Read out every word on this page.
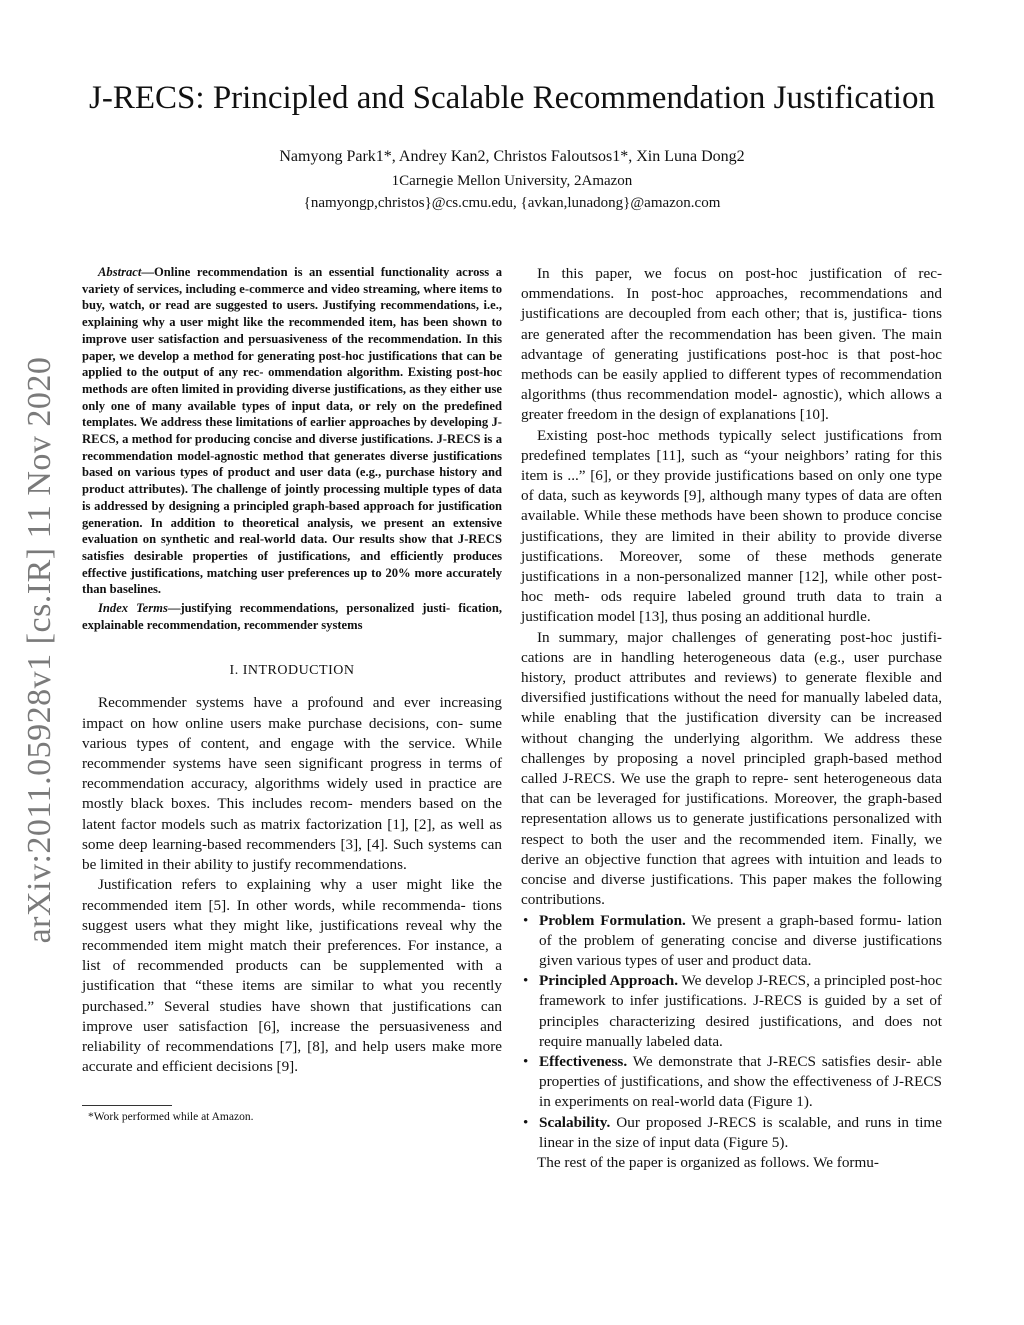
arXiv:2011.05928v1 [cs.IR] 11 Nov 2020
J-RECS: Principled and Scalable Recommendation Justification
Namyong Park1*, Andrey Kan2, Christos Faloutsos1*, Xin Luna Dong2
1Carnegie Mellon University, 2Amazon
{namyongp,christos}@cs.cmu.edu, {avkan,lunadong}@amazon.com

Abstract—Online recommendation is an essential functionality across a variety of services, including e-commerce and video streaming, where items to buy, watch, or read are suggested to users. Justifying recommendations, i.e., explaining why a user might like the recommended item, has been shown to improve user satisfaction and persuasiveness of the recommendation. In this paper, we develop a method for generating post-hoc justifications that can be applied to the output of any rec- ommendation algorithm. Existing post-hoc methods are often limited in providing diverse justifications, as they either use only one of many available types of input data, or rely on the predefined templates. We address these limitations of earlier approaches by developing J-RECS, a method for producing concise and diverse justifications. J-RECS is a recommendation model-agnostic method that generates diverse justifications based on various types of product and user data (e.g., purchase history and product attributes). The challenge of jointly processing multiple types of data is addressed by designing a principled graph-based approach for justification generation. In addition to theoretical analysis, we present an extensive evaluation on synthetic and real-world data. Our results show that J-RECS satisfies desirable properties of justifications, and efficiently produces effective justifications, matching user preferences up to 20% more accurately than baselines.

Index Terms—justifying recommendations, personalized justi- fication, explainable recommendation, recommender systems

I. INTRODUCTION

Recommender systems have a profound and ever increasing impact on how online users make purchase decisions, con- sume various types of content, and engage with the service. While recommender systems have seen significant progress in terms of recommendation accuracy, algorithms widely used in practice are mostly black boxes. This includes recom- menders based on the latent factor models such as matrix factorization [1], [2], as well as some deep learning-based recommenders [3], [4]. Such systems can be limited in their ability to justify recommendations.

Justification refers to explaining why a user might like the recommended item [5]. In other words, while recommenda- tions suggest users what they might like, justifications reveal why the recommended item might match their preferences. For instance, a list of recommended products can be supplemented with a justification that “these items are similar to what you recently purchased.” Several studies have shown that justifications can improve user satisfaction [6], increase the persuasiveness and reliability of recommendations [7], [8], and help users make more accurate and efficient decisions [9].

*Work performed while at Amazon.

In this paper, we focus on post-hoc justification of rec- ommendations. In post-hoc approaches, recommendations and justifications are decoupled from each other; that is, justifica- tions are generated after the recommendation has been given. The main advantage of generating justifications post-hoc is that post-hoc methods can be easily applied to different types of recommendation algorithms (thus recommendation model- agnostic), which allows a greater freedom in the design of explanations [10].

Existing post-hoc methods typically select justifications from predefined templates [11], such as “your neighbors’ rating for this item is ...” [6], or they provide justifications based on only one type of data, such as keywords [9], although many types of data are often available. While these methods have been shown to produce concise justifications, they are limited in their ability to provide diverse justifications. Moreover, some of these methods generate justifications in a non-personalized manner [12], while other post-hoc meth- ods require labeled ground truth data to train a justification model [13], thus posing an additional hurdle.

In summary, major challenges of generating post-hoc justifi- cations are in handling heterogeneous data (e.g., user purchase history, product attributes and reviews) to generate flexible and diversified justifications without the need for manually labeled data, while enabling that the justification diversity can be increased without changing the underlying algorithm. We address these challenges by proposing a novel principled graph-based method called J-RECS. We use the graph to repre- sent heterogeneous data that can be leveraged for justifications. Moreover, the graph-based representation allows us to generate justifications personalized with respect to both the user and the recommended item. Finally, we derive an objective function that agrees with intuition and leads to concise and diverse justifications. This paper makes the following contributions.

• Problem Formulation. We present a graph-based formu- lation of the problem of generating concise and diverse justifications given various types of user and product data.
• Principled Approach. We develop J-RECS, a principled post-hoc framework to infer justifications. J-RECS is guided by a set of principles characterizing desired justifications, and does not require manually labeled data.
• Effectiveness. We demonstrate that J-RECS satisfies desir- able properties of justifications, and show the effectiveness of J-RECS in experiments on real-world data (Figure 1).
• Scalability. Our proposed J-RECS is scalable, and runs in time linear in the size of input data (Figure 5).

The rest of the paper is organized as follows. We formu-
